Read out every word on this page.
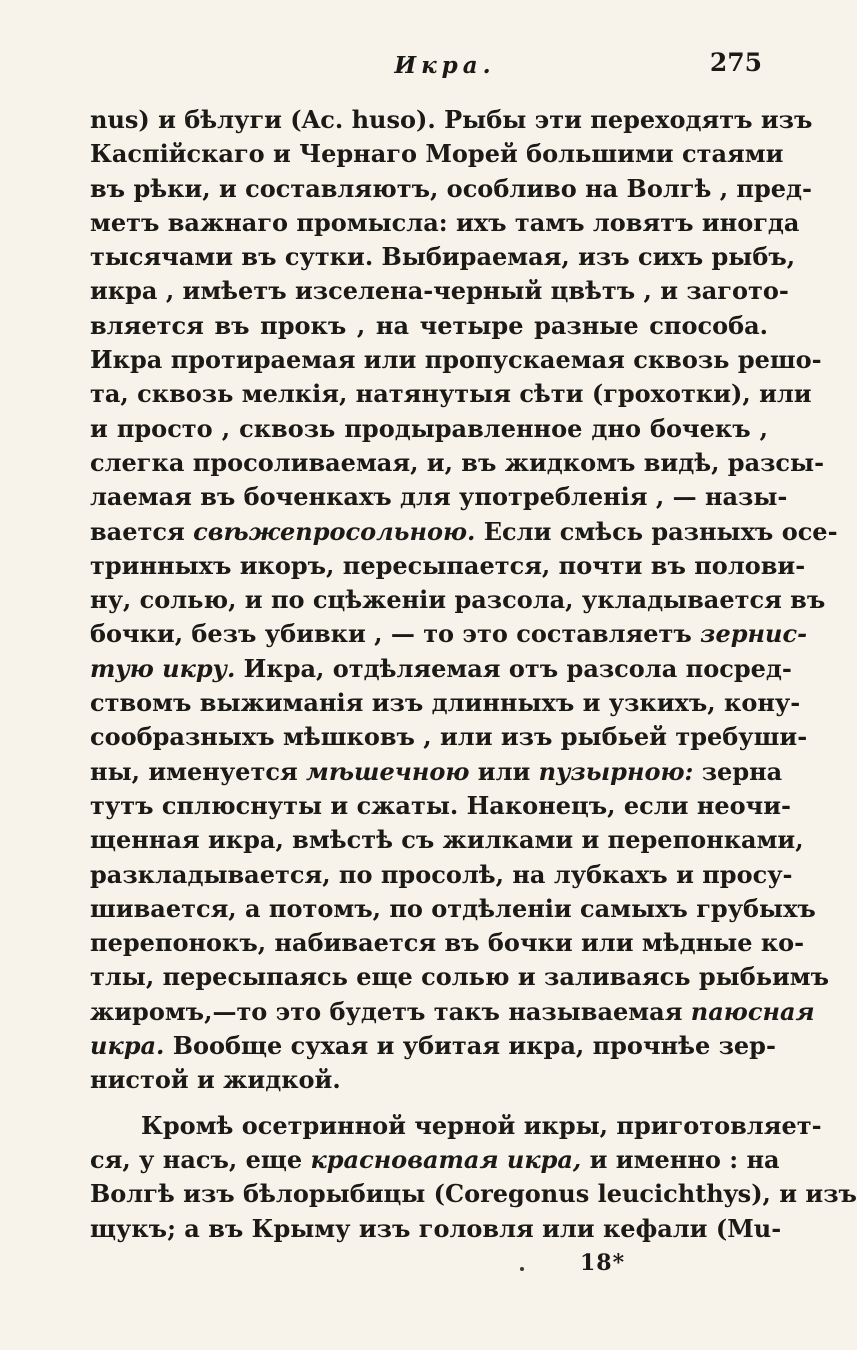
Икра.	275
nus) и бѣлуги (Ac. huso). Рыбы эти переходятъ изъ
Каспійскаго и Чернаго Морей большими стаями
въ рѣки, и составляютъ, особливо на Волгѣ , пред-
метъ важнаго промысла: ихъ тамъ ловятъ иногда
тысячами въ сутки. Выбираемая, изъ сихъ рыбъ,
икра , имѣетъ изселена-черный цвѣтъ , и загото-
вляется въ прокъ , на четыре разные способа.
Икра протираемая или пропускаемая сквозь решо-
та, сквозь мелкія, натянутыя сѣти (грохотки), или
и просто , сквозь продыравленное дно бочекъ ,
слегка просоливаемая, и, въ жидкомъ видѣ, разсы-
лаемая въ боченкахъ для употребленія , — назы-
вается свѣжепросольною. Если смѣсь разныхъ осе-
тринныхъ икоръ, пересыпается, почти въ полови-
ну, солью, и по сцѣженіи разсола, укладывается въ
бочки, безъ убивки , — то это составляетъ зернис-
тую икру. Икра, отдѣляемая отъ разсола посред-
ствомъ выжиманія изъ длинныхъ и узкихъ, кону-
сообразныхъ мѣшковъ , или изъ рыбьей требуши-
ны, именуется мѣшечною или пузырною: зерна
тутъ сплюснуты и сжаты. Наконецъ, если неочи-
щенная икра, вмѣстѣ съ жилками и перепонками,
разкладывается, по просолѣ, на лубкахъ и просу-
шивается, а потомъ, по отдѣленіи самыхъ грубыхъ
перепонокъ, набивается въ бочки или мѣдные ко-
тлы, пересыпаясь еще солью и заливаясь рыбьимъ
жиромъ,—то это будетъ такъ называемая паюсная
икра. Вообще сухая и убитая икра, прочнѣе зер-
нистой и жидкой.
Кромѣ осетринной черной икры, приготовляет-
ся, у насъ, еще красноватая икра, и именно : на
Волгѣ изъ бѣлорыбицы (Coregonus leucichthys), и изъ
щукъ; а въ Крыму изъ головля или кефали (Mu-
18*
